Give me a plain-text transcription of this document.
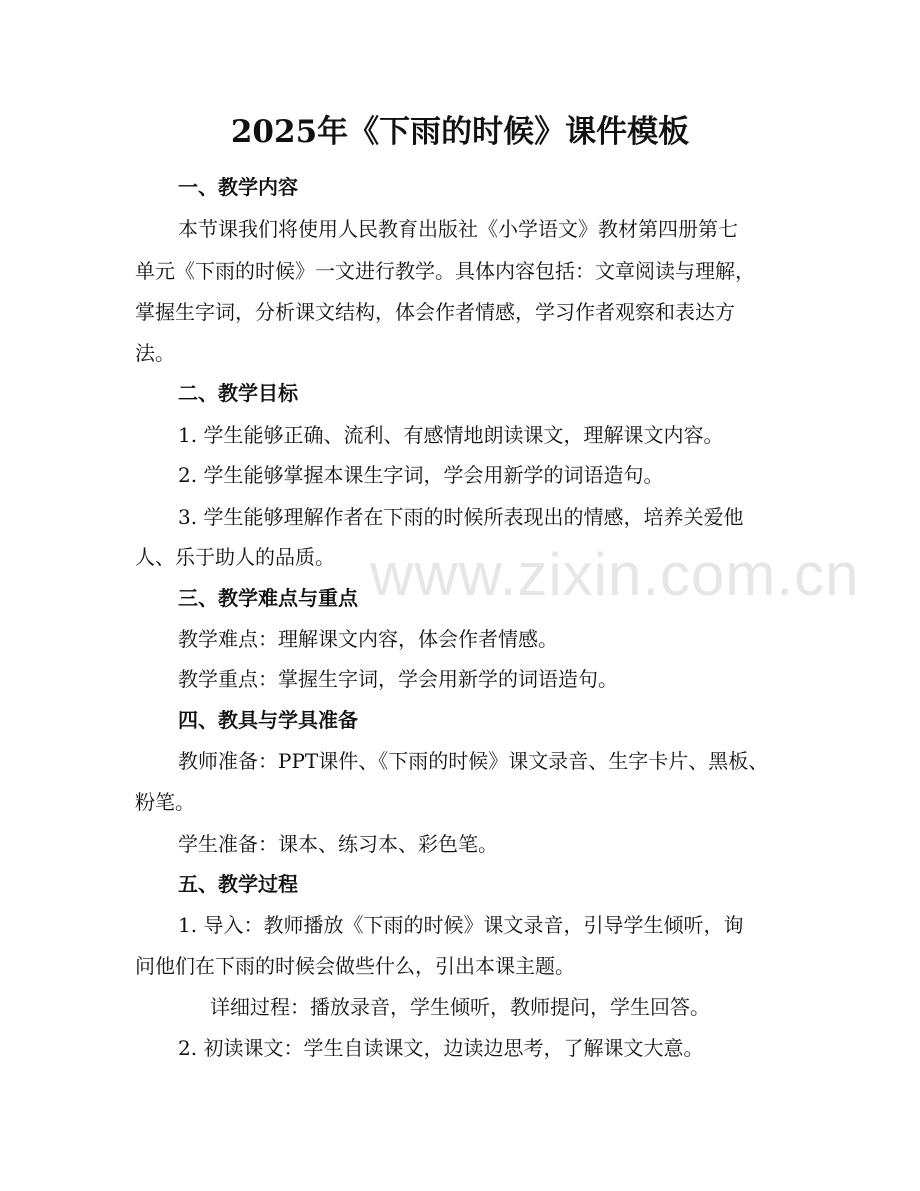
2025年《下雨的时候》课件模板
www.zixin.com.cn
一、教学内容
本节课我们将使用人民教育出版社《小学语文》教材第四册第七
单元《下雨的时候》一文进行教学。具体内容包括：文章阅读与理解，
掌握生字词，分析课文结构，体会作者情感，学习作者观察和表达方
法。
二、教学目标
1. 学生能够正确、流利、有感情地朗读课文，理解课文内容。
2. 学生能够掌握本课生字词，学会用新学的词语造句。
3. 学生能够理解作者在下雨的时候所表现出的情感，培养关爱他
人、乐于助人的品质。
三、教学难点与重点
教学难点：理解课文内容，体会作者情感。
教学重点：掌握生字词，学会用新学的词语造句。
四、教具与学具准备
教师准备：PPT课件、《下雨的时候》课文录音、生字卡片、黑板、
粉笔。
学生准备：课本、练习本、彩色笔。
五、教学过程
1. 导入：教师播放《下雨的时候》课文录音，引导学生倾听，询
问他们在下雨的时候会做些什么，引出本课主题。
详细过程：播放录音，学生倾听，教师提问，学生回答。
2. 初读课文：学生自读课文，边读边思考，了解课文大意。
